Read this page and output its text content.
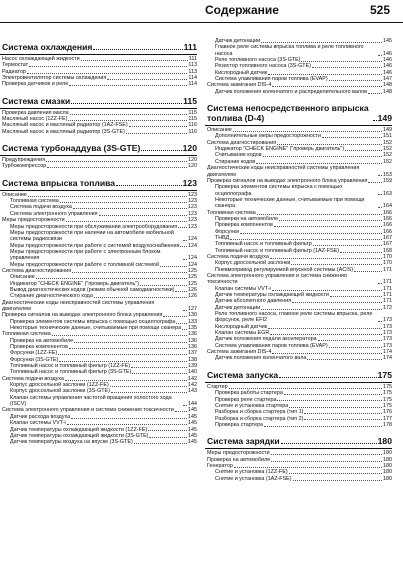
Содержание	525
Система охлаждения	111
Насос охлаждающей жидкости	111
Термостат	113
Радиатор	113
Электровентилятор системы охлаждения	114
Проверка датчиков и реле	114
Система смазки	115
Проверка давления масла	115
Масляный насос (1ZZ-FE)	115
Масляный насос и масляный радиатор (1AZ-FSE)	116
Масляный насос и масляный радиатор (3S-GTE)	116
Система турбонаддува (3S-GTE)	120
Предупреждения	120
Турбокомпрессор	120
Система впрыска топлива	123
Описание	123
Топливная система	123
Система подачи воздуха	123
Система электронного управления	123
Меры предосторожности	123
Меры предосторожности при обслуживании электрооборудования 123
Меры предосторожности при наличии на автомобиле мобильной системы радиосвязи	124
Меры предосторожности при работе с системой воздухоснабжения 124
Меры предосторожности при работе с электронным блоком управления	124
Меры предосторожности при работе с топливной системой	124
Система диагностирования	125
Описание	125
Индикатор "CHECK ENGINE" ("проверь двигатель")	125
Вывод диагностических кодов (режим обычной самодиагностики)	126
Стирание диагностического кода	126
Диагностические коды неисправностей системы управления двигателем	127
Проверка сигналов на выводах электронного блока управления	130
Проверка элементов системы впрыска с помощью осциллографа 133
Некоторые технические данные, считываемые при помощи сканера 135
Топливная система	136
Проверка на автомобиле	136
Проверка компонентов	136
Форсунки (1ZZ-FE)	137
Форсунки (3S-GTE)	138
Топливный насос и топливный фильтр (1ZZ-FE)	139
Топливный насос и топливный фильтр (3S-GTE)	140
Система подачи воздуха	142
Корпус дроссельной заслонки (1ZZ-FE)	142
Корпус дроссельной заслонки (3S-GTE)	143
Клапан системы управления частотой вращения холостого хода (ISCV)	144
Система электронного управления и система снижения токсичности	145
Датчик расхода воздуха	145
Клапан системы VVT-i	145
Датчик температуры охлаждающей жидкости (1ZZ-FE)	145
Датчик температуры охлаждающей жидкости (3S-GTE)	145
Датчик температуры воздуха на впуске (3S-GTE)	145
Датчик детонации	145
Главное реле системы впрыска топлива и реле топливного насоса	146
Реле топливного насоса (3S-GTE)	146
Резистор топливного насоса (3S-GTE)	146
Кислородный датчик	146
Система улавливания паров топлива (EVAP)	147
Система зажигания DIS-4	148
Датчик положения коленчатого и распределительного валов	148
Система непосредственного впрыска топлива (D-4)	149
Описание	149
Дополнительные меры предосторожности	151
Система диагностирования	152
Индикатор "CHECK ENGINE" ("проверь двигатель")	152
Считывание кодов	152
Стирание кодов	152
Диагностические коды неисправностей системы управления двигателем	153
Проверка сигналов на выводах электронного блока управления	159
Проверка элементов системы впрыска с помощью осциллографа	163
Некоторые технические данные, считываемые при помощи сканера	164
Топливная система	166
Проверки на автомобиле	166
Проверка компонентов	166
Форсунки	166
ТНВД	167
Топливный насос и топливный фильтр	167
Топливный насос и топливный фильтр (1AZ-FSE)	168
Система подачи воздуха	170
Корпус дроссельной заслонки	170
Пневмопривод регулируемой впускной системы (ACIS)	171
Система электронного управления и система снижения токсичности	171
Клапан системы VVT-i	171
Датчик температуры охлаждающей жидкости	171
Датчик абсолютного давления	171
Датчик детонации	172
Реле топливного насоса, главное реле системы впрыска, реле форсунок, реле EFI2	173
Кислородный датчик	173
Клапан системы EGR	173
Датчик положения педали акселератора	173
Система улавливания паров топлива (EVAP)	173
Система зажигания DIS-4	174
Датчик положения коленчатого вала	174
Система запуска	175
Стартер	175
Проверка работы стартера	175
Проверка реле стартера	175
Снятие и установка стартера	175
Разборка и сборка стартера (тип 1)	176
Разборка и сборка стартера (тип 2)	177
Проверка стартера	178
Система зарядки	180
Меры предосторожности	180
Проверка на автомобиле	180
Генератор	180
Снятие и установка (1ZZ-FE)	180
Снятие и установка (1AZ-FSE)	180
